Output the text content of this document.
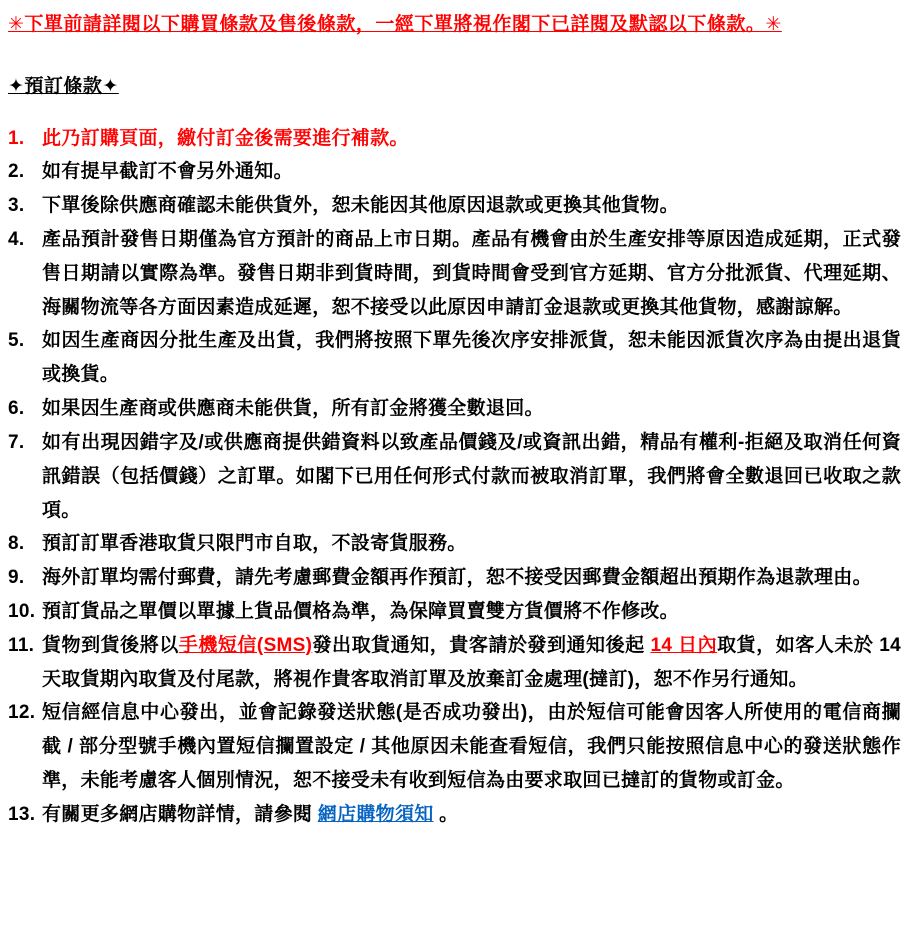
✳下單前請詳閱以下購買條款及售後條款，一經下單將視作閣下已詳閱及默認以下條款。✳
✦預訂條款✦
1. 此乃訂購頁面，繳付訂金後需要進行補款。
2. 如有提早截訂不會另外通知。
3. 下單後除供應商確認未能供貨外，恕未能因其他原因退款或更換其他貨物。
4. 產品預計發售日期僅為官方預計的商品上市日期。產品有機會由於生產安排等原因造成延期，正式發售日期請以實際為準。發售日期非到貨時間，到貨時間會受到官方延期、官方分批派貨、代理延期、海關物流等各方面因素造成延遲，恕不接受以此原因申請訂金退款或更換其他貨物，感謝諒解。
5. 如因生產商因分批生產及出貨，我們將按照下單先後次序安排派貨，恕未能因派貨次序為由提出退貨或換貨。
6. 如果因生產商或供應商未能供貨，所有訂金將獲全數退回。
7. 如有出現因錯字及/或供應商提供錯資料以致產品價錢及/或資訊出錯，精品有權利-拒絕及取消任何資訊錯誤（包括價錢）之訂單。如閣下已用任何形式付款而被取消訂單，我們將會全數退回已收取之款項。
8. 預訂訂單香港取貨只限門市自取，不設寄貨服務。
9. 海外訂單均需付郵費，請先考慮郵費金額再作預訂，恕不接受因郵費金額超出預期作為退款理由。
10. 預訂貨品之單價以單據上貨品價格為準，為保障買賣雙方貨價將不作修改。
11. 貨物到貨後將以手機短信(SMS)發出取貨通知，貴客請於發到通知後起 14 日內取貨，如客人未於 14 天取貨期內取貨及付尾款，將視作貴客取消訂單及放棄訂金處理(撻訂)，恕不作另行通知。
12. 短信經信息中心發出，並會記錄發送狀態(是否成功發出)，由於短信可能會因客人所使用的電信商攔截 / 部分型號手機內置短信攔置設定 / 其他原因未能查看短信，我們只能按照信息中心的發送狀態作準，未能考慮客人個別情況，恕不接受未有收到短信為由要求取回已撻訂的貨物或訂金。
13. 有關更多網店購物詳情，請參閱 網店購物須知 。
